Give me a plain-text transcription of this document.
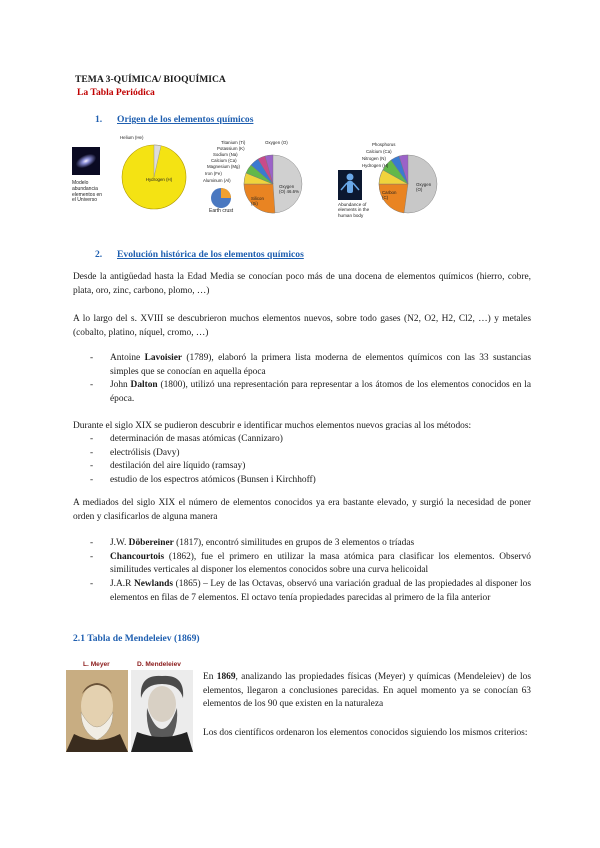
TEMA 3-QUÍMICA/ BIOQUÍMICA
La Tabla Periódica
1. Origen de los elementos químicos
Helium (He)
Hydrogen (H)
Modelo abundancia elementos en el Universo
Titanium (Ti)
Potassium (K)
Sodium (Na)
Calcium (Ca)
Magnesium (Mg)
Iron (Fe)
Aluminum (Al)
Oxygen (O)
Silicon (Si)
Oxygen (O) 46.6%
Earth crust
Phosphorus
Calcium (Ca)
Nitrogen (N)
Hydrogen (H)
Carbon (C)
Oxygen (O)
Abundance of elements in the human body
2. Evolución histórica de los elementos químicos
Desde la antigüedad hasta la Edad Media se conocían poco más de una docena de elementos químicos (hierro, cobre, plata, oro, zinc, carbono, plomo, …)
A lo largo del s. XVIII se descubrieron muchos elementos nuevos, sobre todo gases (N2, O2, H2, Cl2, …) y metales (cobalto, platino, níquel, cromo, …)
- Antoine Lavoisier (1789), elaboró la primera lista moderna de elementos químicos con las 33 sustancias simples que se conocían en aquella época
- John Dalton (1800), utilizó una representación para representar a los átomos de los elementos conocidos en la época.
Durante el siglo XIX se pudieron descubrir e identificar muchos elementos nuevos gracias al los métodos:
- determinación de masas atómicas (Cannizaro)
- electrólisis (Davy)
- destilación del aire líquido (ramsay)
- estudio de los espectros atómicos (Bunsen i Kirchhoff)
A mediados del siglo XIX el número de elementos conocidos ya era bastante elevado, y surgió la necesidad de poner orden y clasificarlos de alguna manera
- J.W. Döbereiner (1817), encontró similitudes en grupos de 3 elementos o tríadas
- Chancourtois (1862), fue el primero en utilizar la masa atómica para clasificar los elementos. Observó similitudes verticales al disponer los elementos conocidos sobre una curva helicoidal
- J.A.R Newlands (1865) – Ley de las Octavas, observó una variación gradual de las propiedades al disponer los elementos en filas de 7 elementos. El octavo tenía propiedades parecidas al primero de la fila anterior
2.1 Tabla de Mendeleiev (1869)
L. Meyer	D. Mendeleiev
En 1869, analizando las propiedades físicas (Meyer) y químicas (Mendeleiev) de los elementos, llegaron a conclusiones parecidas. En aquel momento ya se conocían 63 elementos de los 90 que existen en la naturaleza
Los dos científicos ordenaron los elementos conocidos siguiendo los mismos criterios:
